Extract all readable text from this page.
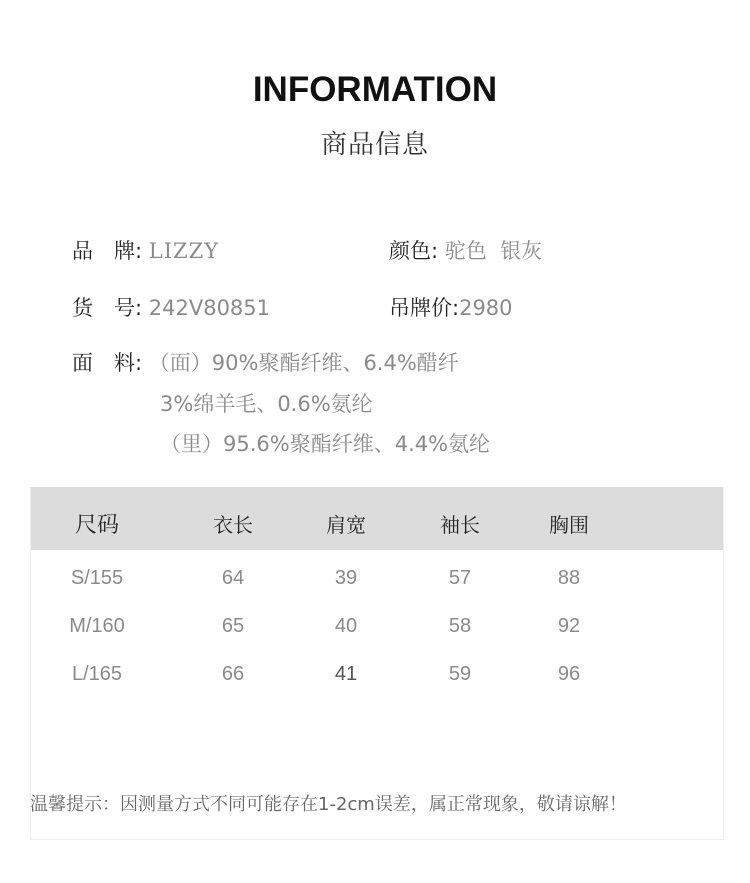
INFORMATION
商品信息
品　牌: LIZZY	颜色: 驼色  银灰
货　号: 242V80851	吊牌价:2980
面　料: （面）90%聚酯纤维、6.4%醋纤
3%绵羊毛、0.6%氨纶
（里）95.6%聚酯纤维、4.4%氨纶
尺码	衣长	肩宽	袖长	胸围
S/155	64	39	57	88
M/160	65	40	58	92
L/165	66	41	59	96
温馨提示：因测量方式不同可能存在1-2cm误差，属正常现象，敬请谅解！
